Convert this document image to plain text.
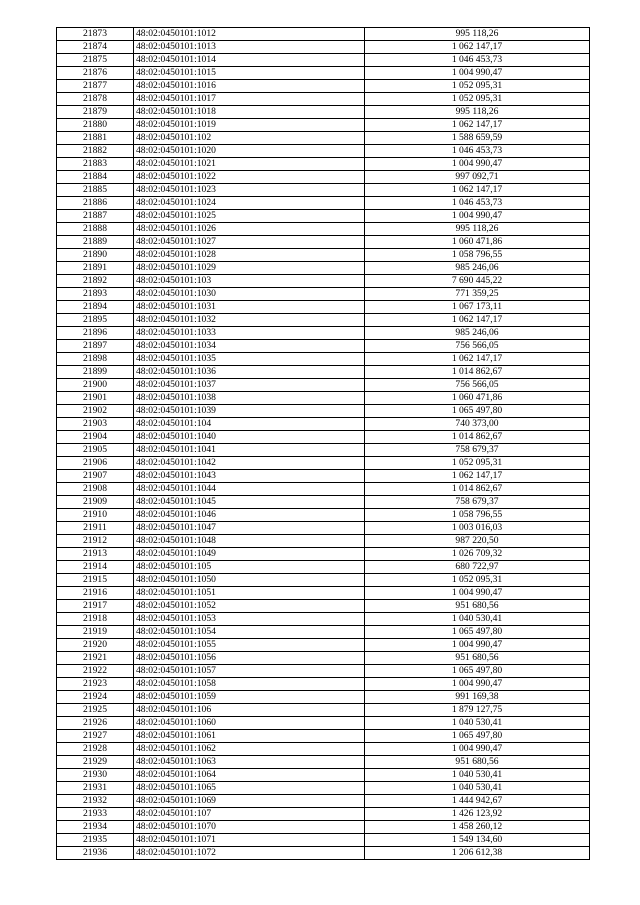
21873	48:02:0450101:1012	995 118,26
21874	48:02:0450101:1013	1 062 147,17
21875	48:02:0450101:1014	1 046 453,73
21876	48:02:0450101:1015	1 004 990,47
21877	48:02:0450101:1016	1 052 095,31
21878	48:02:0450101:1017	1 052 095,31
21879	48:02:0450101:1018	995 118,26
21880	48:02:0450101:1019	1 062 147,17
21881	48:02:0450101:102	1 588 659,59
21882	48:02:0450101:1020	1 046 453,73
21883	48:02:0450101:1021	1 004 990,47
21884	48:02:0450101:1022	997 092,71
21885	48:02:0450101:1023	1 062 147,17
21886	48:02:0450101:1024	1 046 453,73
21887	48:02:0450101:1025	1 004 990,47
21888	48:02:0450101:1026	995 118,26
21889	48:02:0450101:1027	1 060 471,86
21890	48:02:0450101:1028	1 058 796,55
21891	48:02:0450101:1029	985 246,06
21892	48:02:0450101:103	7 690 445,22
21893	48:02:0450101:1030	771 359,25
21894	48:02:0450101:1031	1 067 173,11
21895	48:02:0450101:1032	1 062 147,17
21896	48:02:0450101:1033	985 246,06
21897	48:02:0450101:1034	756 566,05
21898	48:02:0450101:1035	1 062 147,17
21899	48:02:0450101:1036	1 014 862,67
21900	48:02:0450101:1037	756 566,05
21901	48:02:0450101:1038	1 060 471,86
21902	48:02:0450101:1039	1 065 497,80
21903	48:02:0450101:104	740 373,00
21904	48:02:0450101:1040	1 014 862,67
21905	48:02:0450101:1041	758 679,37
21906	48:02:0450101:1042	1 052 095,31
21907	48:02:0450101:1043	1 062 147,17
21908	48:02:0450101:1044	1 014 862,67
21909	48:02:0450101:1045	758 679,37
21910	48:02:0450101:1046	1 058 796,55
21911	48:02:0450101:1047	1 003 016,03
21912	48:02:0450101:1048	987 220,50
21913	48:02:0450101:1049	1 026 709,32
21914	48:02:0450101:105	680 722,97
21915	48:02:0450101:1050	1 052 095,31
21916	48:02:0450101:1051	1 004 990,47
21917	48:02:0450101:1052	951 680,56
21918	48:02:0450101:1053	1 040 530,41
21919	48:02:0450101:1054	1 065 497,80
21920	48:02:0450101:1055	1 004 990,47
21921	48:02:0450101:1056	951 680,56
21922	48:02:0450101:1057	1 065 497,80
21923	48:02:0450101:1058	1 004 990,47
21924	48:02:0450101:1059	991 169,38
21925	48:02:0450101:106	1 879 127,75
21926	48:02:0450101:1060	1 040 530,41
21927	48:02:0450101:1061	1 065 497,80
21928	48:02:0450101:1062	1 004 990,47
21929	48:02:0450101:1063	951 680,56
21930	48:02:0450101:1064	1 040 530,41
21931	48:02:0450101:1065	1 040 530,41
21932	48:02:0450101:1069	1 444 942,67
21933	48:02:0450101:107	1 426 123,92
21934	48:02:0450101:1070	1 458 260,12
21935	48:02:0450101:1071	1 549 134,60
21936	48:02:0450101:1072	1 206 612,38
